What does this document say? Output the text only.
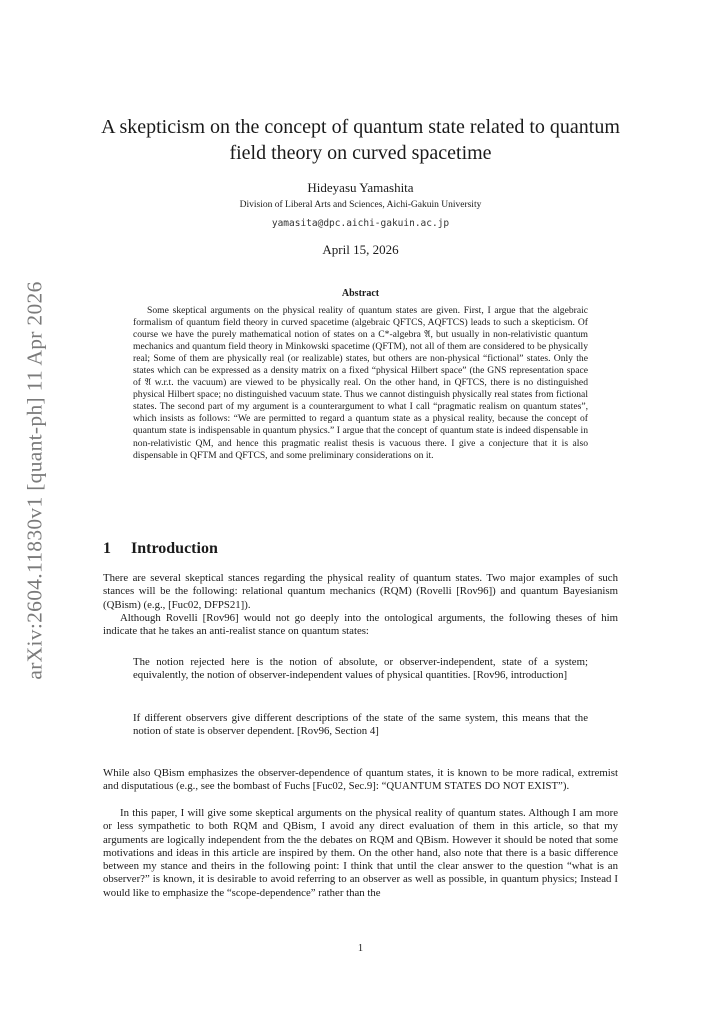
arXiv:2604.11830v1 [quant-ph] 11 Apr 2026
A skepticism on the concept of quantum state related to quantum field theory on curved spacetime
Hideyasu Yamashita
Division of Liberal Arts and Sciences, Aichi-Gakuin University
yamasita@dpc.aichi-gakuin.ac.jp
April 15, 2026
Abstract

Some skeptical arguments on the physical reality of quantum states are given. First, I argue that the algebraic formalism of quantum field theory in curved spacetime (algebraic QFTCS, AQFTCS) leads to such a skepticism. Of course we have the purely mathematical notion of states on a C*-algebra 𝔄, but usually in non-relativistic quantum mechanics and quantum field theory in Minkowski spacetime (QFTM), not all of them are considered to be physically real; Some of them are physically real (or realizable) states, but others are non-physical “fictional” states. Only the states which can be expressed as a density matrix on a fixed “physical Hilbert space” (the GNS representation space of 𝔄 w.r.t. the vacuum) are viewed to be physically real. On the other hand, in QFTCS, there is no distinguished physical Hilbert space; no distinguished vacuum state. Thus we cannot distinguish physically real states from fictional states. The second part of my argument is a counterargument to what I call “pragmatic realism on quantum states”, which insists as follows: “We are permitted to regard a quantum state as a physical reality, because the concept of quantum state is indispensable in quantum physics.” I argue that the concept of quantum state is indeed dispensable in non-relativistic QM, and hence this pragmatic realist thesis is vacuous there. I give a conjecture that it is also dispensable in QFTM and QFTCS, and some preliminary considerations on it.

1 Introduction

There are several skeptical stances regarding the physical reality of quantum states. Two major examples of such stances will be the following: relational quantum mechanics (RQM) (Rovelli [Rov96]) and quantum Bayesianism (QBism) (e.g., [Fuc02, DFPS21]).

Although Rovelli [Rov96] would not go deeply into the ontological arguments, the following theses of him indicate that he takes an anti-realist stance on quantum states:

The notion rejected here is the notion of absolute, or observer-independent, state of a system; equivalently, the notion of observer-independent values of physical quantities. [Rov96, introduction]

If different observers give different descriptions of the state of the same system, this means that the notion of state is observer dependent. [Rov96, Section 4]

While also QBism emphasizes the observer-dependence of quantum states, it is known to be more radical, extremist and disputatious (e.g., see the bombast of Fuchs [Fuc02, Sec.9]: “QUANTUM STATES DO NOT EXIST”).

In this paper, I will give some skeptical arguments on the physical reality of quantum states. Although I am more or less sympathetic to both RQM and QBism, I avoid any direct evaluation of them in this article, so that my arguments are logically independent from the the debates on RQM and QBism. However it should be noted that some motivations and ideas in this article are inspired by them. On the other hand, also note that there is a basic difference between my stance and theirs in the following point: I think that until the clear answer to the question “what is an observer?” is known, it is desirable to avoid referring to an observer as well as possible, in quantum physics; Instead I would like to emphasize the “scope-dependence” rather than the

1
